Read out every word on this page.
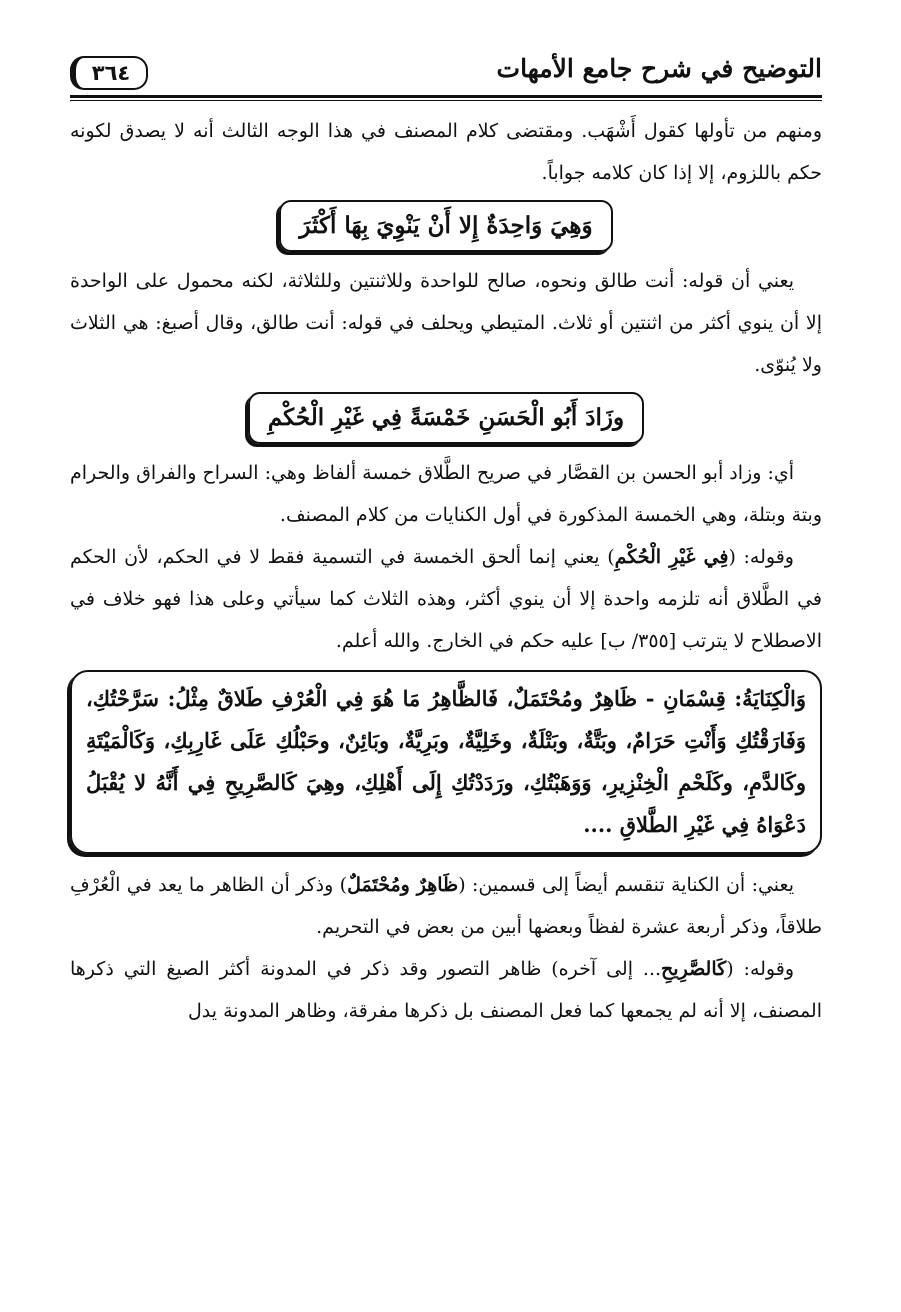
التوضيح في شرح جامع الأمهات
٣٦٤

ومنهم من تأولها كقول أَشْهَب. ومقتضى كلام المصنف في هذا الوجه الثالث أنه لا يصدق لكونه حكم باللزوم، إلا إذا كان كلامه جواباً.

وَهِيَ وَاحِدَةٌ إِلا أَنْ يَنْوِيَ بِهَا أَكْثَرَ

يعني أن قوله: أنت طالق ونحوه، صالح للواحدة وللاثنتين وللثلاثة، لكنه محمول على الواحدة إلا أن ينوي أكثر من اثنتين أو ثلاث. المتيطي ويحلف في قوله: أنت طالق، وقال أصبغ: هي الثلاث ولا يُنوّى.

وزَادَ أَبُو الْحَسَنِ خَمْسَةً فِي غَيْرِ الْحُكْمِ

أي: وزاد أبو الحسن بن القصَّار في صريح الطَّلاق خمسة ألفاظ وهي: السراح والفراق والحرام وبتة وبتلة، وهي الخمسة المذكورة في أول الكنايات من كلام المصنف.

وقوله: (فِي غَيْرِ الْحُكْمِ) يعني إنما ألحق الخمسة في التسمية فقط لا في الحكم، لأن الحكم في الطَّلاق أنه تلزمه واحدة إلا أن ينوي أكثر، وهذه الثلاث كما سيأتي وعلى هذا فهو خلاف في الاصطلاح لا يترتب [٣٥٥/ ب] عليه حكم في الخارج. والله أعلم.

وَالْكِنَايَةُ: قِسْمَانِ - ظَاهِرٌ ومُحْتَمَلٌ، فَالظَّاهِرُ مَا هُوَ فِي الْعُرْفِ طَلاقٌ مِثْلُ: سَرَّحْتُكِ، وَفَارَقْتُكِ وَأَنْتِ حَرَامٌ، وبَتَّةٌ، وبَتْلَةٌ، وخَلِيَّةٌ، وبَرِيَّةٌ، وبَائِنٌ، وحَبْلُكِ عَلَى غَارِبِكِ، وَكَالْمَيْتَةِ وكَالدَّمِ، وكَلَحْمِ الْخِنْزِيرِ، وَوَهَبْتُكِ، ورَدَدْتُكِ إِلَى أَهْلِكِ، وهِيَ كَالصَّرِيحِ فِي أَنَّهُ لا يُقْبَلُ دَعْوَاهُ فِي غَيْرِ الطَّلاقِ ....

يعني: أن الكناية تنقسم أيضاً إلى قسمين: (ظَاهِرٌ ومُحْتَمَلٌ) وذكر أن الظاهر ما يعد في الْعُرْفِ طلاقاً، وذكر أربعة عشرة لفظاً وبعضها أبين من بعض في التحريم.

وقوله: (كَالصَّرِيحِ... إلى آخره) ظاهر التصور وقد ذكر في المدونة أكثر الصيغ التي ذكرها المصنف، إلا أنه لم يجمعها كما فعل المصنف بل ذكرها مفرقة، وظاهر المدونة يدل
